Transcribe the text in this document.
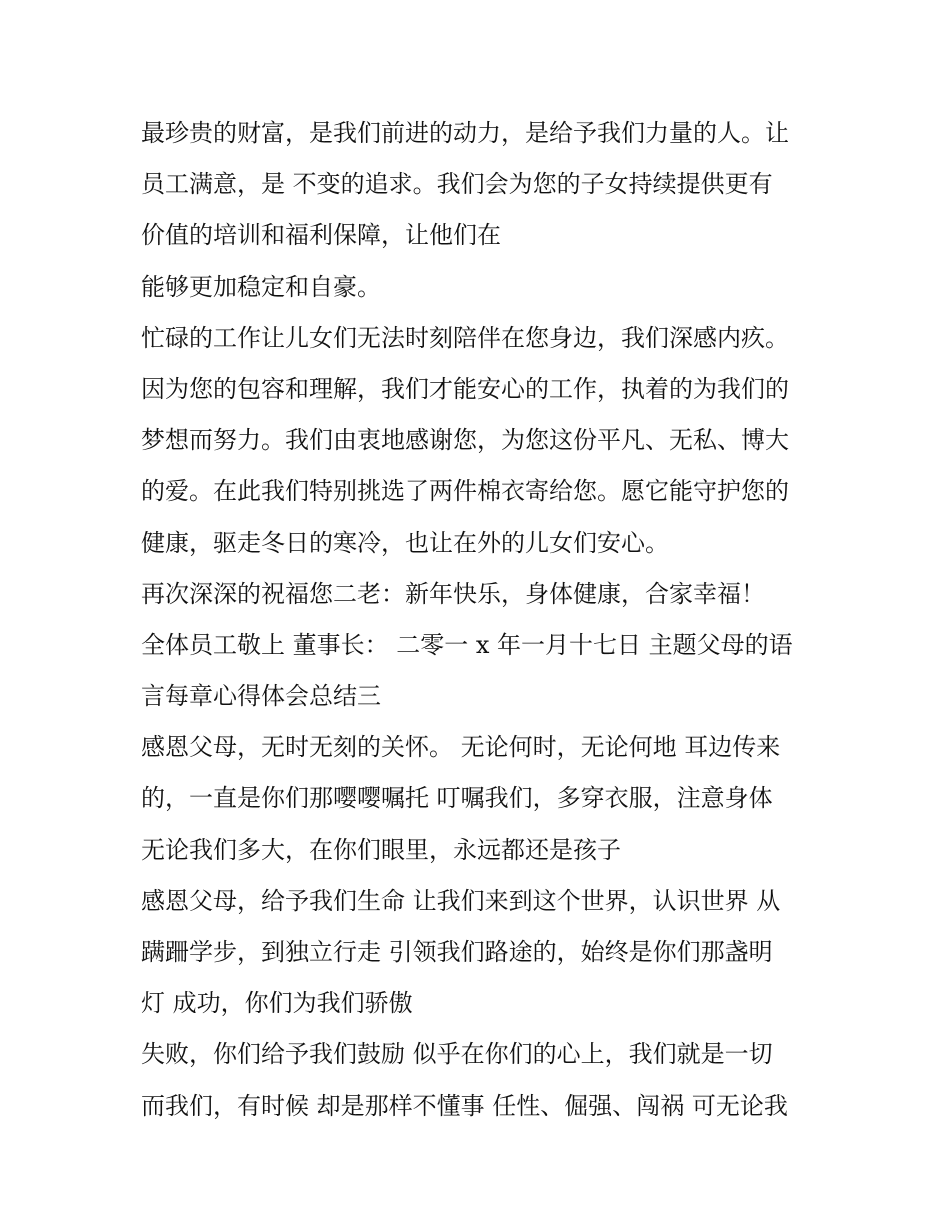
最珍贵的财富，是我们前进的动力，是给予我们力量的人。让
员工满意，是 不变的追求。我们会为您的子女持续提供更有
价值的培训和福利保障，让他们在
能够更加稳定和自豪。
忙碌的工作让儿女们无法时刻陪伴在您身边，我们深感内疚。
因为您的包容和理解，我们才能安心的工作，执着的为我们的
梦想而努力。我们由衷地感谢您，为您这份平凡、无私、博大
的爱。在此我们特别挑选了两件棉衣寄给您。愿它能守护您的
健康，驱走冬日的寒冷，也让在外的儿女们安心。
再次深深的祝福您二老：新年快乐，身体健康，合家幸福！
全体员工敬上 董事长： 二零一 x 年一月十七日 主题父母的语
言每章心得体会总结三
感恩父母，无时无刻的关怀。 无论何时，无论何地 耳边传来
的，一直是你们那嘤嘤嘱托 叮嘱我们，多穿衣服，注意身体
无论我们多大，在你们眼里，永远都还是孩子
感恩父母，给予我们生命 让我们来到这个世界，认识世界 从
蹒跚学步，到独立行走 引领我们路途的，始终是你们那盏明
灯 成功，你们为我们骄傲
失败，你们给予我们鼓励 似乎在你们的心上，我们就是一切
而我们，有时候 却是那样不懂事 任性、倔强、闯祸 可无论我
